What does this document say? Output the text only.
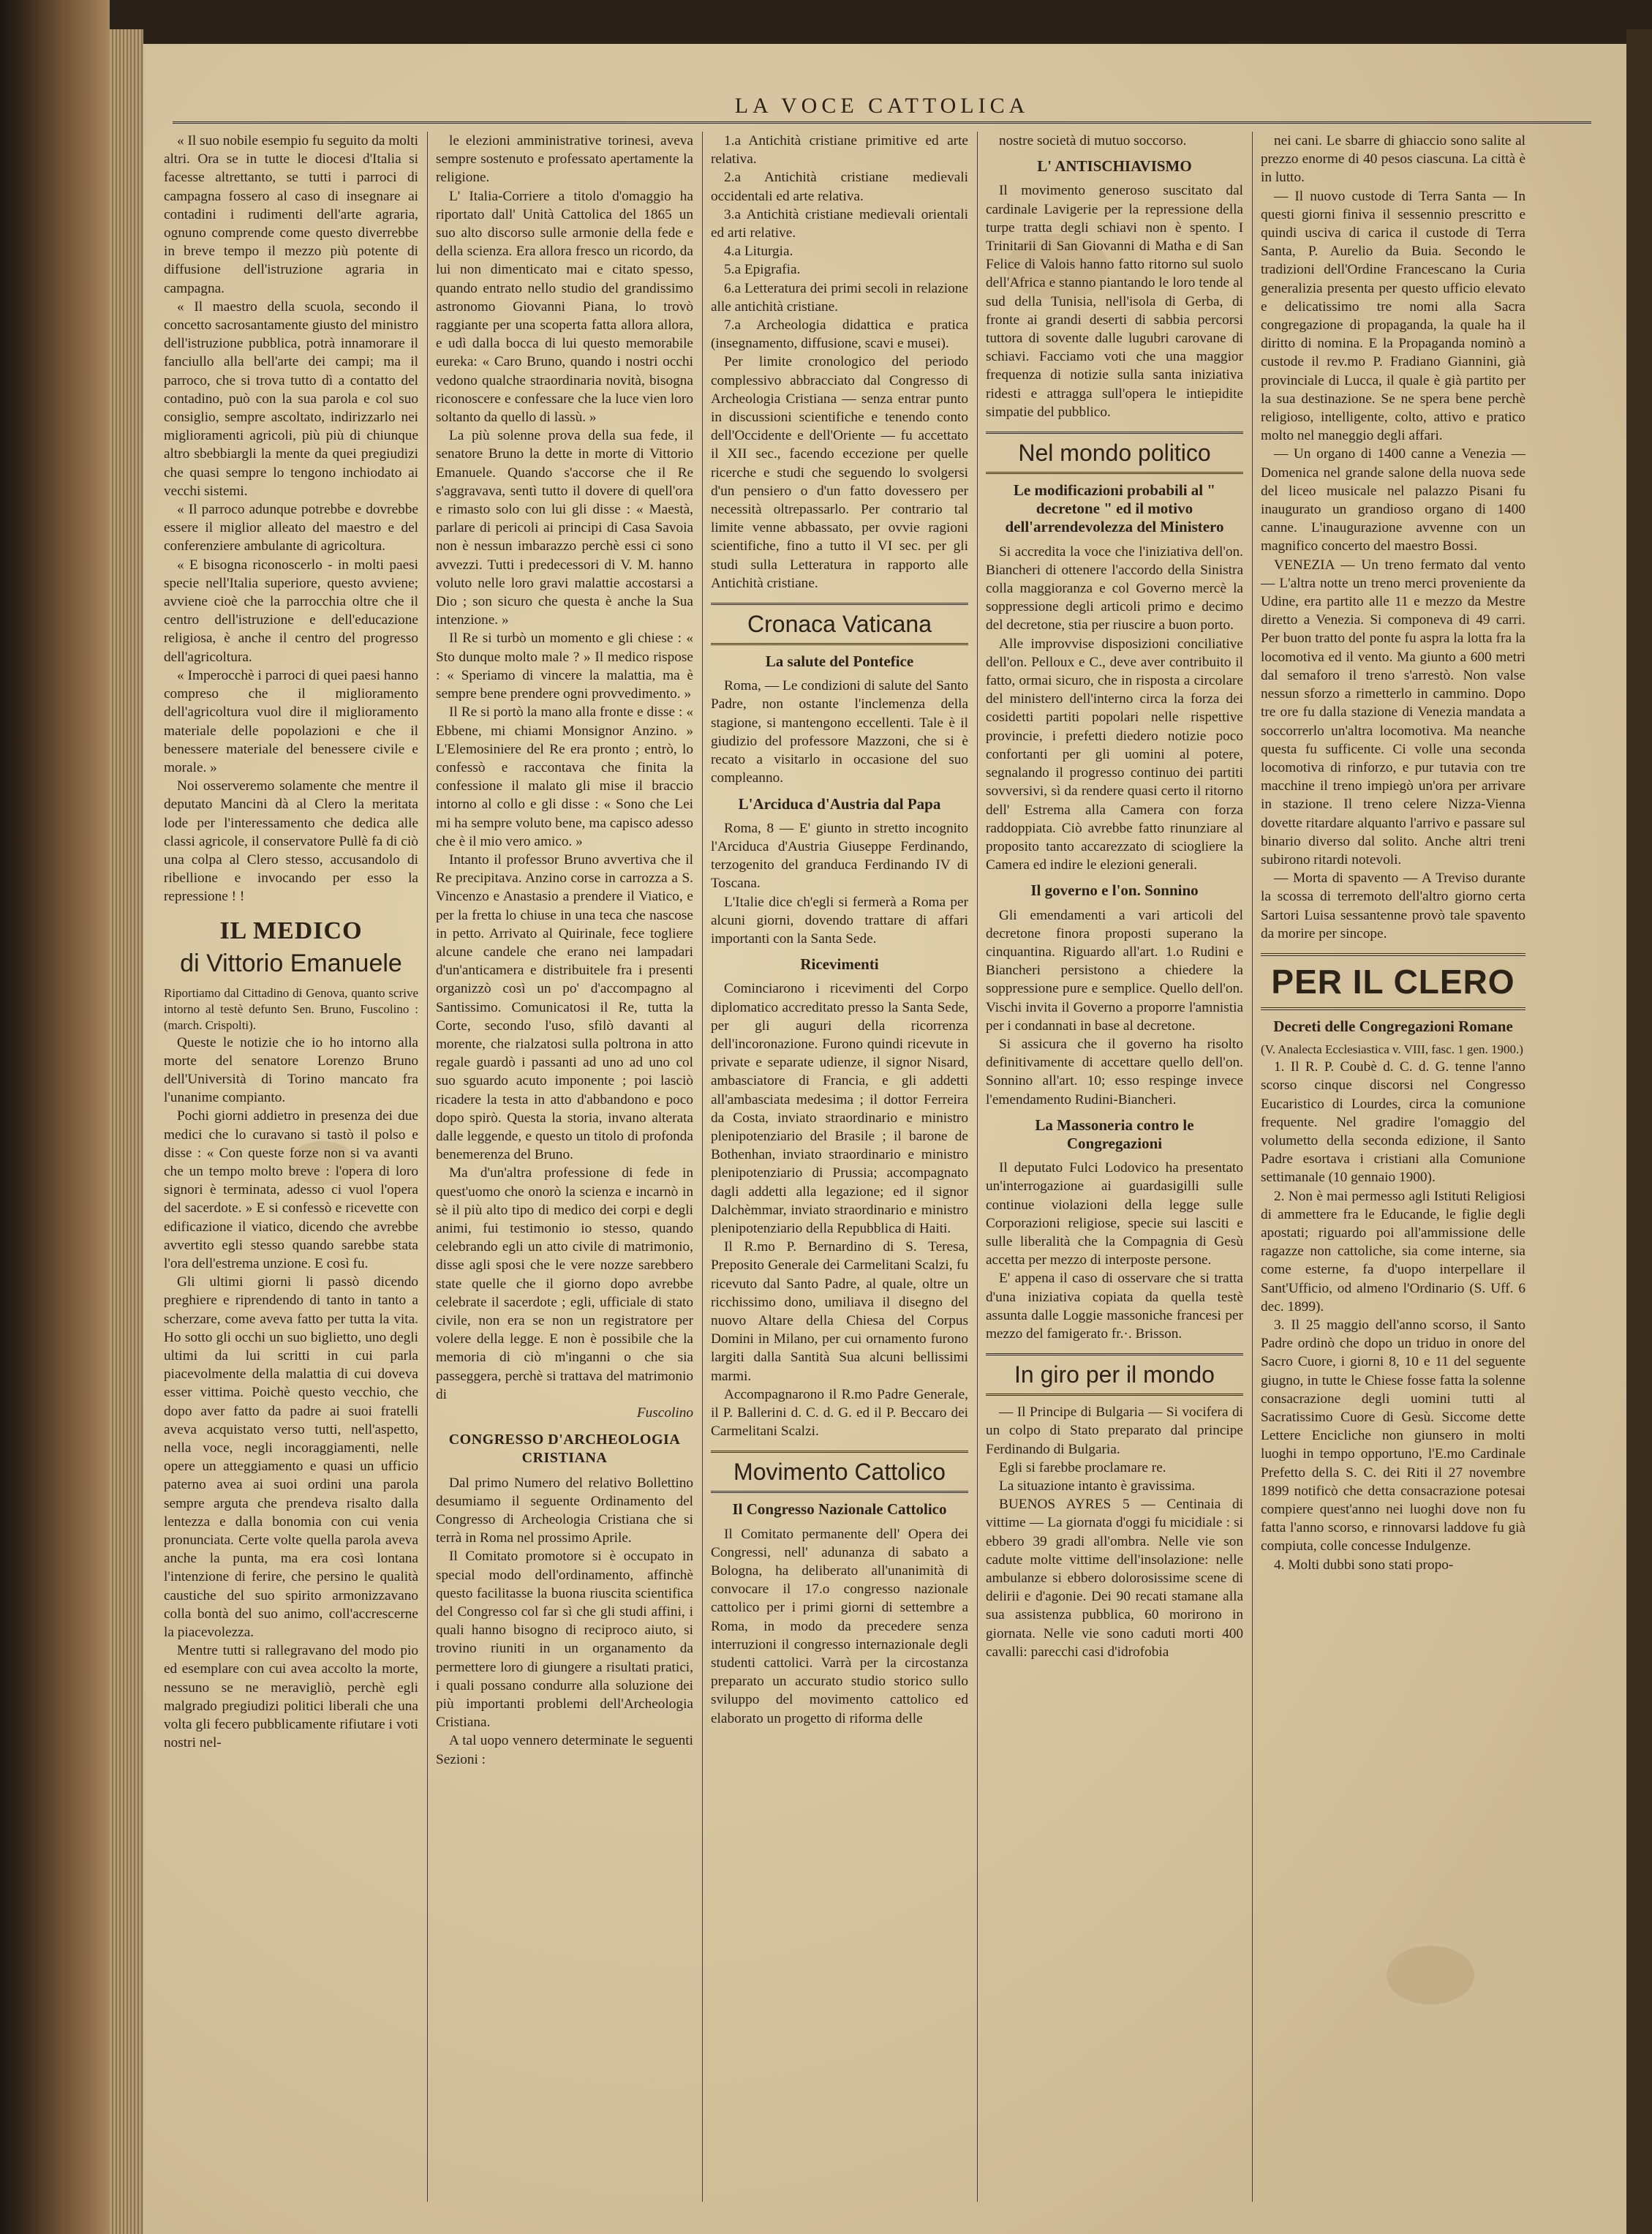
LA VOCE CATTOLICA

« Il suo nobile esempio fu seguito da molti altri. Ora se in tutte le diocesi d'Italia si facesse altrettanto, se tutti i parroci di campagna fossero al caso di insegnare ai contadini i rudimenti dell'arte agraria, ognuno comprende come questo diverrebbe in breve tempo il mezzo più potente di diffusione dell'istruzione agraria in campagna.

« Il maestro della scuola, secondo il concetto sacrosantamente giusto del ministro dell'istruzione pubblica, potrà innamorare il fanciullo alla bell'arte dei campi; ma il parroco, che si trova tutto dì a contatto del contadino, può con la sua parola e col suo consiglio, sempre ascoltato, indirizzarlo nei miglioramenti agricoli, più più di chiunque altro sbebbiargli la mente da quei pregiudizi che quasi sempre lo tengono inchiodato ai vecchi sistemi.

« Il parroco adunque potrebbe e dovrebbe essere il miglior alleato del maestro e del conferenziere ambulante di agricoltura.

« E bisogna riconoscerlo - in molti paesi specie nell'Italia superiore, questo avviene; avviene cioè che la parrocchia oltre che il centro dell'istruzione e dell'educazione religiosa, è anche il centro del progresso dell'agricoltura.

« Imperocchè i parroci di quei paesi hanno compreso che il miglioramento dell'agricoltura vuol dire il miglioramento materiale delle popolazioni e che il benessere materiale del benessere civile e morale. »

Noi osserveremo solamente che mentre il deputato Mancini dà al Clero la meritata lode per l'interessamento che dedica alle classi agricole, il conservatore Pullè fa di ciò una colpa al Clero stesso, accusandolo di ribellione e invocando per esso la repressione ! !

IL MEDICO
di Vittorio Emanuele

Riportiamo dal Cittadino di Genova, quanto scrive intorno al testè defunto Sen. Bruno, Fuscolino : (march. Crispolti).

Queste le notizie che io ho intorno alla morte del senatore Lorenzo Bruno dell'Università di Torino mancato fra l'unanime compianto.

Pochi giorni addietro in presenza dei due medici che lo curavano si tastò il polso e disse : « Con queste forze non si va avanti che un tempo molto breve : l'opera di loro signori è terminata, adesso ci vuol l'opera del sacerdote. » E si confessò e ricevette con edificazione il viatico, dicendo che avrebbe avvertito egli stesso quando sarebbe stata l'ora dell'estrema unzione. E così fu.

Gli ultimi giorni li passò dicendo preghiere e riprendendo di tanto in tanto a scherzare, come aveva fatto per tutta la vita. Ho sotto gli occhi un suo biglietto, uno degli ultimi da lui scritti in cui parla piacevolmente della malattia di cui doveva esser vittima. Poichè questo vecchio, che dopo aver fatto da padre ai suoi fratelli aveva acquistato verso tutti, nell'aspetto, nella voce, negli incoraggiamenti, nelle opere un atteggiamento e quasi un ufficio paterno avea ai suoi ordini una parola sempre arguta che prendeva risalto dalla lentezza e dalla bonomia con cui venia pronunciata. Certe volte quella parola aveva anche la punta, ma era così lontana l'intenzione di ferire, che persino le qualità caustiche del suo spirito armonizzavano colla bontà del suo animo, coll'accrescerne la piacevolezza.

Mentre tutti si rallegravano del modo pio ed esemplare con cui avea accolto la morte, nessuno se ne meravigliò, perchè egli malgrado pregiudizi politici liberali che una volta gli fecero pubblicamente rifiutare i voti nostri nel-

le elezioni amministrative torinesi, aveva sempre sostenuto e professato apertamente la religione.

L' Italia-Corriere a titolo d'omaggio ha riportato dall' Unità Cattolica del 1865 un suo alto discorso sulle armonie della fede e della scienza. Era allora fresco un ricordo, da lui non dimenticato mai e citato spesso, quando entrato nello studio del grandissimo astronomo Giovanni Piana, lo trovò raggiante per una scoperta fatta allora allora, e udì dalla bocca di lui questo memorabile eureka: « Caro Bruno, quando i nostri occhi vedono qualche straordinaria novità, bisogna riconoscere e confessare che la luce vien loro soltanto da quello di lassù. »

La più solenne prova della sua fede, il senatore Bruno la dette in morte di Vittorio Emanuele. Quando s'accorse che il Re s'aggravava, sentì tutto il dovere di quell'ora e rimasto solo con lui gli disse : « Maestà, parlare di pericoli ai principi di Casa Savoia non è nessun imbarazzo perchè essi ci sono avvezzi. Tutti i predecessori di V. M. hanno voluto nelle loro gravi malattie accostarsi a Dio ; son sicuro che questa è anche la Sua intenzione. »

Il Re si turbò un momento e gli chiese : « Sto dunque molto male ? » Il medico rispose : « Speriamo di vincere la malattia, ma è sempre bene prendere ogni provvedimento. »

Il Re si portò la mano alla fronte e disse : « Ebbene, mi chiami Monsignor Anzino. » L'Elemosiniere del Re era pronto ; entrò, lo confessò e raccontava che finita la confessione il malato gli mise il braccio intorno al collo e gli disse : « Sono che Lei mi ha sempre voluto bene, ma capisco adesso che è il mio vero amico. »

Intanto il professor Bruno avvertiva che il Re precipitava. Anzino corse in carrozza a S. Vincenzo e Anastasio a prendere il Viatico, e per la fretta lo chiuse in una teca che nascose in petto. Arrivato al Quirinale, fece togliere alcune candele che erano nei lampadari d'un'anticamera e distribuitele fra i presenti organizzò così un po' d'accompagno al Santissimo. Comunicatosi il Re, tutta la Corte, secondo l'uso, sfilò davanti al morente, che rialzatosi sulla poltrona in atto regale guardò i passanti ad uno ad uno col suo sguardo acuto imponente ; poi lasciò ricadere la testa in atto d'abbandono e poco dopo spirò. Questa la storia, invano alterata dalle leggende, e questo un titolo di profonda benemerenza del Bruno.

Ma d'un'altra professione di fede in quest'uomo che onorò la scienza e incarnò in sè il più alto tipo di medico dei corpi e degli animi, fui testimonio io stesso, quando celebrando egli un atto civile di matrimonio, disse agli sposi che le vere nozze sarebbero state quelle che il giorno dopo avrebbe celebrate il sacerdote ; egli, ufficiale di stato civile, non era se non un registratore per volere della legge. E non è possibile che la memoria di ciò m'inganni o che sia passeggera, perchè si trattava del matrimonio di

Fuscolino

CONGRESSO D'ARCHEOLOGIA CRISTIANA

Dal primo Numero del relativo Bollettino desumiamo il seguente Ordinamento del Congresso di Archeologia Cristiana che si terrà in Roma nel prossimo Aprile.

Il Comitato promotore si è occupato in special modo dell'ordinamento, affinchè questo facilitasse la buona riuscita scientifica del Congresso col far sì che gli studi affini, i quali hanno bisogno di reciproco aiuto, si trovino riuniti in un organamento da permettere loro di giungere a risultati pratici, i quali possano condurre alla soluzione dei più importanti problemi dell'Archeologia Cristiana.

A tal uopo vennero determinate le seguenti Sezioni :

1.a Antichità cristiane primitive ed arte relativa.

2.a Antichità cristiane medievali occidentali ed arte relativa.

3.a Antichità cristiane medievali orientali ed arti relative.

4.a Liturgia.

5.a Epigrafia.

6.a Letteratura dei primi secoli in relazione alle antichità cristiane.

7.a Archeologia didattica e pratica (insegnamento, diffusione, scavi e musei).

Per limite cronologico del periodo complessivo abbracciato dal Congresso di Archeologia Cristiana — senza entrar punto in discussioni scientifiche e tenendo conto dell'Occidente e dell'Oriente — fu accettato il XII sec., facendo eccezione per quelle ricerche e studi che seguendo lo svolgersi d'un pensiero o d'un fatto dovessero per necessità oltrepassarlo. Per contrario tal limite venne abbassato, per ovvie ragioni scientifiche, fino a tutto il VI sec. per gli studi sulla Letteratura in rapporto alle Antichità cristiane.

Cronaca Vaticana
La salute del Pontefice

Roma, — Le condizioni di salute del Santo Padre, non ostante l'inclemenza della stagione, si mantengono eccellenti. Tale è il giudizio del professore Mazzoni, che si è recato a visitarlo in occasione del suo compleanno.

L'Arciduca d'Austria dal Papa

Roma, 8 — E' giunto in stretto incognito l'Arciduca d'Austria Giuseppe Ferdinando, terzogenito del granduca Ferdinando IV di Toscana.

L'Italie dice ch'egli si fermerà a Roma per alcuni giorni, dovendo trattare di affari importanti con la Santa Sede.

Ricevimenti

Cominciarono i ricevimenti del Corpo diplomatico accreditato presso la Santa Sede, per gli auguri della ricorrenza dell'incoronazione. Furono quindi ricevute in private e separate udienze, il signor Nisard, ambasciatore di Francia, e gli addetti all'ambasciata medesima ; il dottor Ferreira da Costa, inviato straordinario e ministro plenipotenziario del Brasile ; il barone de Bothenhan, inviato straordinario e ministro plenipotenziario di Prussia; accompagnato dagli addetti alla legazione; ed il signor Dalchèmmar, inviato straordinario e ministro plenipotenziario della Repubblica di Haiti.

Il R.mo P. Bernardino di S. Teresa, Preposito Generale dei Carmelitani Scalzi, fu ricevuto dal Santo Padre, al quale, oltre un ricchissimo dono, umiliava il disegno del nuovo Altare della Chiesa del Corpus Domini in Milano, per cui ornamento furono largiti dalla Santità Sua alcuni bellissimi marmi.

Accompagnarono il R.mo Padre Generale, il P. Ballerini d. C. d. G. ed il P. Beccaro dei Carmelitani Scalzi.

Movimento Cattolico
Il Congresso Nazionale Cattolico

Il Comitato permanente dell' Opera dei Congressi, nell' adunanza di sabato a Bologna, ha deliberato all'unanimità di convocare il 17.o congresso nazionale cattolico per i primi giorni di settembre a Roma, in modo da precedere senza interruzioni il congresso internazionale degli studenti cattolici. Varrà per la circostanza preparato un accurato studio storico sullo sviluppo del movimento cattolico ed elaborato un progetto di riforma delle

nostre società di mutuo soccorso.

L' ANTISCHIAVISMO

Il movimento generoso suscitato dal cardinale Lavigerie per la repressione della turpe tratta degli schiavi non è spento. I Trinitarii di San Giovanni di Matha e di San Felice di Valois hanno fatto ritorno sul suolo dell'Africa e stanno piantando le loro tende al sud della Tunisia, nell'isola di Gerba, di fronte ai grandi deserti di sabbia percorsi tuttora di sovente dalle lugubri carovane di schiavi. Facciamo voti che una maggior frequenza di notizie sulla santa iniziativa ridesti e attragga sull'opera le intiepidite simpatie del pubblico.

Nel mondo politico
Le modificazioni probabili al " decretone " ed il motivo dell'arrendevolezza del Ministero

Si accredita la voce che l'iniziativa dell'on. Biancheri di ottenere l'accordo della Sinistra colla maggioranza e col Governo mercè la soppressione degli articoli primo e decimo del decretone, stia per riuscire a buon porto.

Alle improvvise disposizioni conciliative dell'on. Pelloux e C., deve aver contribuito il fatto, ormai sicuro, che in risposta a circolare del ministero dell'interno circa la forza dei cosidetti partiti popolari nelle rispettive provincie, i prefetti diedero notizie poco confortanti per gli uomini al potere, segnalando il progresso continuo dei partiti sovversivi, sì da rendere quasi certo il ritorno dell' Estrema alla Camera con forza raddoppiata. Ciò avrebbe fatto rinunziare al proposito tanto accarezzato di sciogliere la Camera ed indire le elezioni generali.

Il governo e l'on. Sonnino

Gli emendamenti a vari articoli del decretone finora proposti superano la cinquantina. Riguardo all'art. 1.o Rudini e Biancheri persistono a chiedere la soppressione pure e semplice. Quello dell'on. Vischi invita il Governo a proporre l'amnistia per i condannati in base al decretone.

Si assicura che il governo ha risolto definitivamente di accettare quello dell'on. Sonnino all'art. 10; esso respinge invece l'emendamento Rudini-Biancheri.

La Massoneria contro le Congregazioni

Il deputato Fulci Lodovico ha presentato un'interrogazione ai guardasigilli sulle continue violazioni della legge sulle Corporazioni religiose, specie sui lasciti e sulle liberalità che la Compagnia di Gesù accetta per mezzo di interposte persone.

E' appena il caso di osservare che si tratta d'una iniziativa copiata da quella testè assunta dalle Loggie massoniche francesi per mezzo del famigerato fr.·. Brisson.

In giro per il mondo

— Il Principe di Bulgaria — Si vocifera di un colpo di Stato preparato dal principe Ferdinando di Bulgaria.

Egli si farebbe proclamare re.

La situazione intanto è gravissima.

BUENOS AYRES 5 — Centinaia di vittime — La giornata d'oggi fu micidiale : si ebbero 39 gradi all'ombra. Nelle vie son cadute molte vittime dell'insolazione: nelle ambulanze si ebbero dolorosissime scene di delirii e d'agonie. Dei 90 recati stamane alla sua assistenza pubblica, 60 morirono in giornata. Nelle vie sono caduti morti 400 cavalli: parecchi casi d'idrofobia

nei cani. Le sbarre di ghiaccio sono salite al prezzo enorme di 40 pesos ciascuna. La città è in lutto.

— Il nuovo custode di Terra Santa — In questi giorni finiva il sessennio prescritto e quindi usciva di carica il custode di Terra Santa, P. Aurelio da Buia. Secondo le tradizioni dell'Ordine Francescano la Curia generalizia presenta per questo ufficio elevato e delicatissimo tre nomi alla Sacra congregazione di propaganda, la quale ha il diritto di nomina. E la Propaganda nominò a custode il rev.mo P. Fradiano Giannini, già provinciale di Lucca, il quale è già partito per la sua destinazione. Se ne spera bene perchè religioso, intelligente, colto, attivo e pratico molto nel maneggio degli affari.

— Un organo di 1400 canne a Venezia — Domenica nel grande salone della nuova sede del liceo musicale nel palazzo Pisani fu inaugurato un grandioso organo di 1400 canne. L'inaugurazione avvenne con un magnifico concerto del maestro Bossi.

VENEZIA — Un treno fermato dal vento — L'altra notte un treno merci proveniente da Udine, era partito alle 11 e mezzo da Mestre diretto a Venezia. Si componeva di 49 carri. Per buon tratto del ponte fu aspra la lotta fra la locomotiva ed il vento. Ma giunto a 600 metri dal semaforo il treno s'arrestò. Non valse nessun sforzo a rimetterlo in cammino. Dopo tre ore fu dalla stazione di Venezia mandata a soccorrerlo un'altra locomotiva. Ma neanche questa fu sufficente. Ci volle una seconda locomotiva di rinforzo, e pur tutavia con tre macchine il treno impiegò un'ora per arrivare in stazione. Il treno celere Nizza-Vienna dovette ritardare alquanto l'arrivo e passare sul binario diverso dal solito. Anche altri treni subirono ritardi notevoli.

— Morta di spavento — A Treviso durante la scossa di terremoto dell'altro giorno certa Sartori Luisa sessantenne provò tale spavento da morire per sincope.

PER IL CLERO
Decreti delle Congregazioni Romane

(V. Analecta Ecclesiastica v. VIII, fasc. 1 gen. 1900.)

1. Il R. P. Coubè d. C. d. G. tenne l'anno scorso cinque discorsi nel Congresso Eucaristico di Lourdes, circa la comunione frequente. Nel gradire l'omaggio del volumetto della seconda edizione, il Santo Padre esortava i cristiani alla Comunione settimanale (10 gennaio 1900).

2. Non è mai permesso agli Istituti Religiosi di ammettere fra le Educande, le figlie degli apostati; riguardo poi all'ammissione delle ragazze non cattoliche, sia come interne, sia come esterne, fa d'uopo interpellare il Sant'Ufficio, od almeno l'Ordinario (S. Uff. 6 dec. 1899).

3. Il 25 maggio dell'anno scorso, il Santo Padre ordinò che dopo un triduo in onore del Sacro Cuore, i giorni 8, 10 e 11 del seguente giugno, in tutte le Chiese fosse fatta la solenne consacrazione degli uomini tutti al Sacratissimo Cuore di Gesù. Siccome dette Lettere Encicliche non giunsero in molti luoghi in tempo opportuno, l'E.mo Cardinale Prefetto della S. C. dei Riti il 27 novembre 1899 notificò che detta consacrazione potesai compiere quest'anno nei luoghi dove non fu fatta l'anno scorso, e rinnovarsi laddove fu già compiuta, colle concesse Indulgenze.

4. Molti dubbi sono stati propo-
